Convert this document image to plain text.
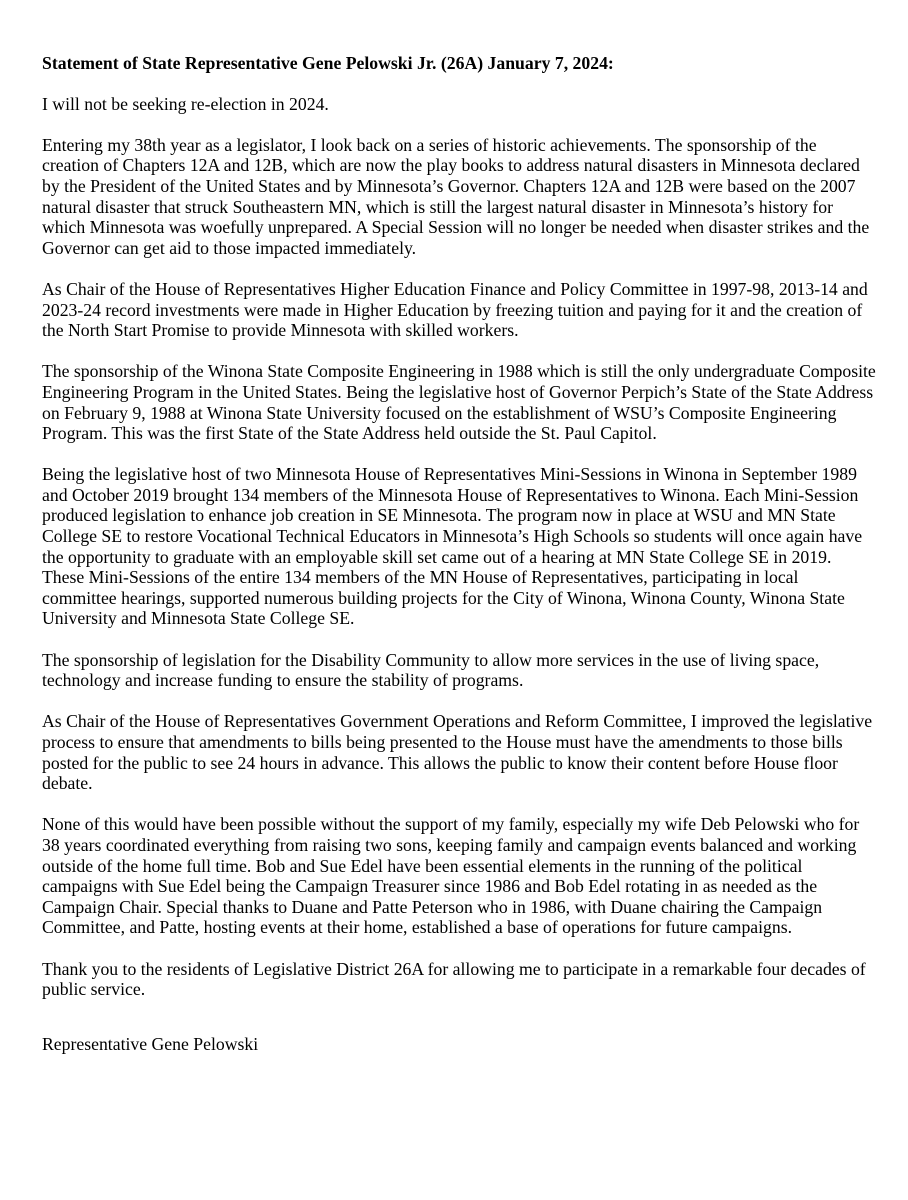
Statement of State Representative Gene Pelowski Jr. (26A) January 7, 2024:

I will not be seeking re-election in 2024.

Entering my 38th year as a legislator, I look back on a series of historic achievements. The sponsorship of the creation of Chapters 12A and 12B, which are now the play books to address natural disasters in Minnesota declared by the President of the United States and by Minnesota’s Governor. Chapters 12A and 12B were based on the 2007 natural disaster that struck Southeastern MN, which is still the largest natural disaster in Minnesota’s history for which Minnesota was woefully unprepared. A Special Session will no longer be needed when disaster strikes and the Governor can get aid to those impacted immediately.

As Chair of the House of Representatives Higher Education Finance and Policy Committee in 1997-98, 2013-14 and 2023-24 record investments were made in Higher Education by freezing tuition and paying for it and the creation of the North Start Promise to provide Minnesota with skilled workers.

The sponsorship of the Winona State Composite Engineering in 1988 which is still the only undergraduate Composite Engineering Program in the United States. Being the legislative host of Governor Perpich’s State of the State Address on February 9, 1988 at Winona State University focused on the establishment of WSU’s Composite Engineering Program. This was the first State of the State Address held outside the St. Paul Capitol.

Being the legislative host of two Minnesota House of Representatives Mini-Sessions in Winona in September 1989 and October 2019 brought 134 members of the Minnesota House of Representatives to Winona. Each Mini-Session produced legislation to enhance job creation in SE Minnesota. The program now in place at WSU and MN State College SE to restore Vocational Technical Educators in Minnesota’s High Schools so students will once again have the opportunity to graduate with an employable skill set came out of a hearing at MN State College SE in 2019. These Mini-Sessions of the entire 134 members of the MN House of Representatives, participating in local committee hearings, supported numerous building projects for the City of Winona, Winona County, Winona State University and Minnesota State College SE.

The sponsorship of legislation for the Disability Community to allow more services in the use of living space, technology and increase funding to ensure the stability of programs.

As Chair of the House of Representatives Government Operations and Reform Committee, I improved the legislative process to ensure that amendments to bills being presented to the House must have the amendments to those bills posted for the public to see 24 hours in advance. This allows the public to know their content before House floor debate.

None of this would have been possible without the support of my family, especially my wife Deb Pelowski who for 38 years coordinated everything from raising two sons, keeping family and campaign events balanced and working outside of the home full time. Bob and Sue Edel have been essential elements in the running of the political campaigns with Sue Edel being the Campaign Treasurer since 1986 and Bob Edel rotating in as needed as the Campaign Chair. Special thanks to Duane and Patte Peterson who in 1986, with Duane chairing the Campaign Committee, and Patte, hosting events at their home, established a base of operations for future campaigns.

Thank you to the residents of Legislative District 26A for allowing me to participate in a remarkable four decades of public service.

Representative Gene Pelowski
